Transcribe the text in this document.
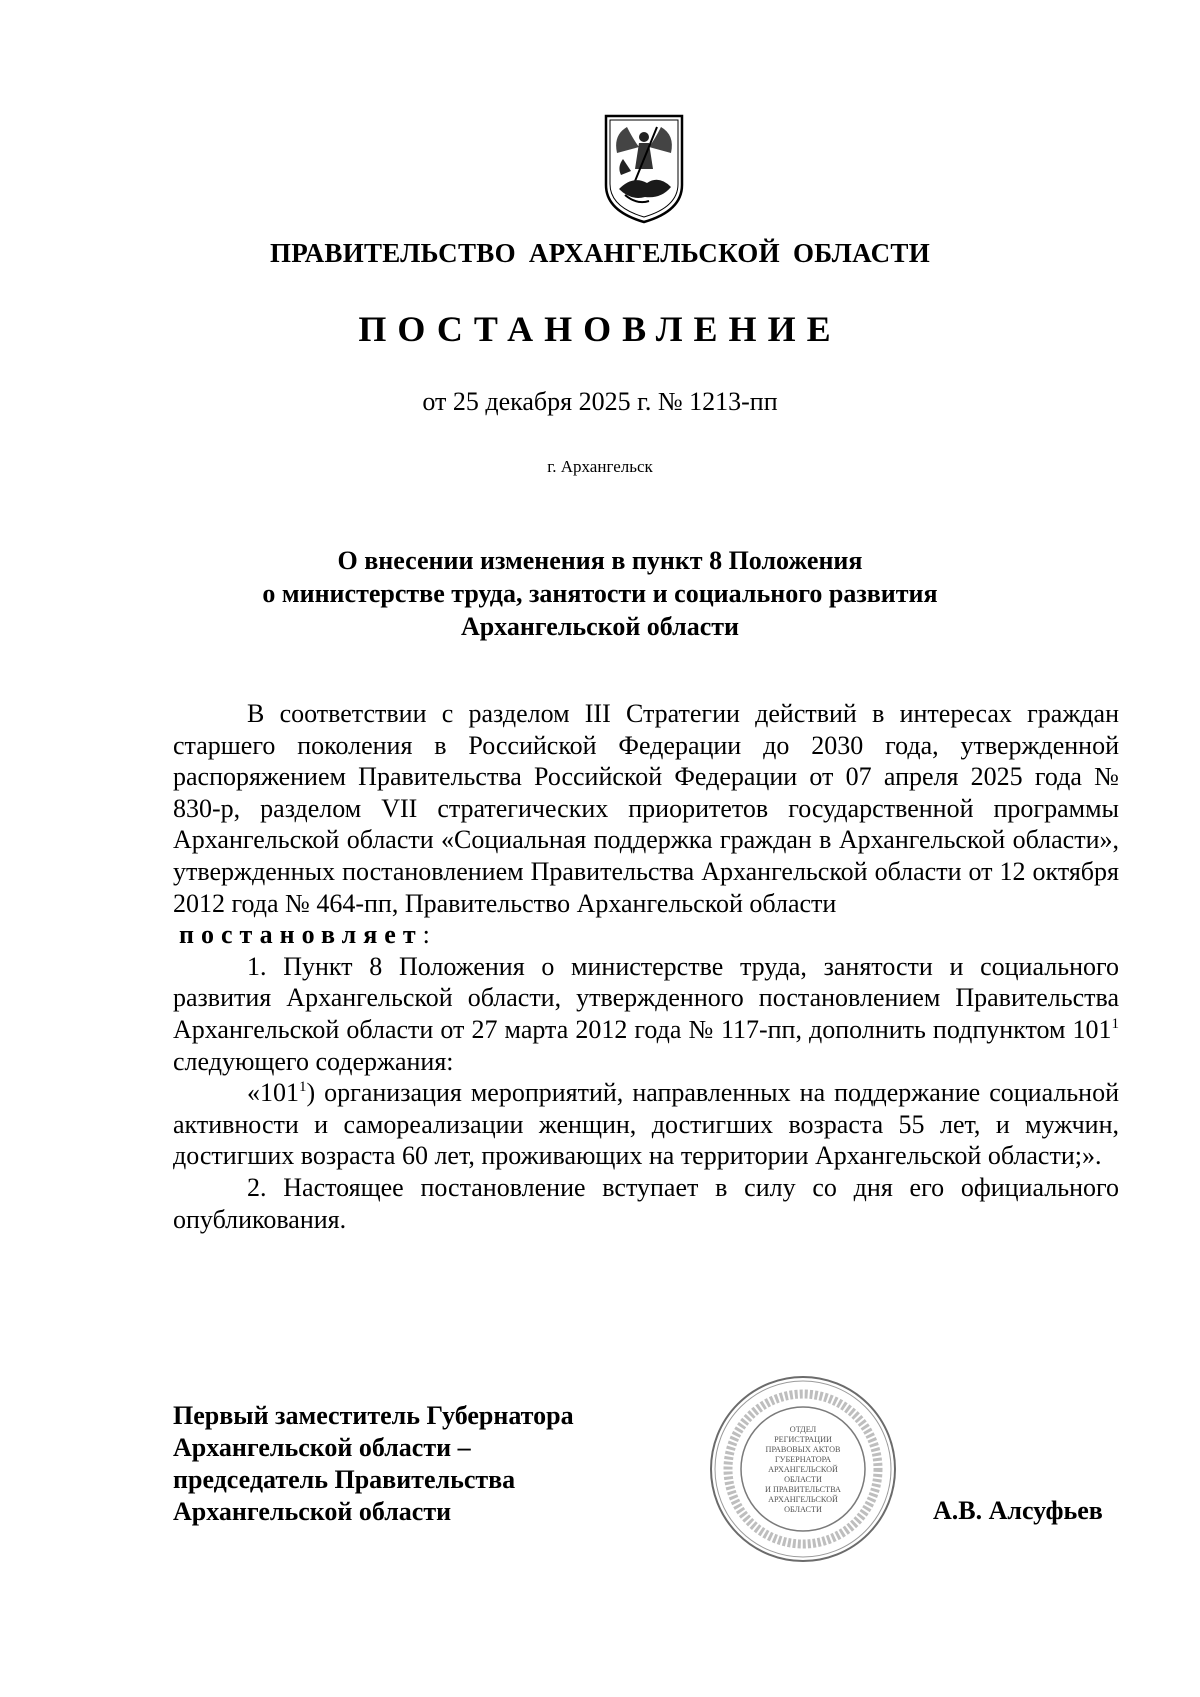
ПРАВИТЕЛЬСТВО АРХАНГЕЛЬСКОЙ ОБЛАСТИ
ПОСТАНОВЛЕНИЕ
от 25 декабря 2025 г. № 1213-пп
г. Архангельск
О внесении изменения в пункт 8 Положения
о министерстве труда, занятости и социального развития
Архангельской области

В соответствии с разделом III Стратегии действий в интересах граждан старшего поколения в Российской Федерации до 2030 года, утвержденной распоряжением Правительства Российской Федерации от 07 апреля 2025 года № 830-р, разделом VII стратегических приоритетов государственной программы Архангельской области «Социальная поддержка граждан в Архангельской области», утвержденных постановлением Правительства Архангельской области от 12 октября 2012 года № 464-пп, Правительство Архангельской области

постановляет:

1. Пункт 8 Положения о министерстве труда, занятости и социального развития Архангельской области, утвержденного постановлением Правительства Архангельской области от 27 марта 2012 года № 117-пп, дополнить подпунктом $101^1$ следующего содержания:

«$101^1$) организация мероприятий, направленных на поддержание социальной активности и самореализации женщин, достигших возраста 55 лет, и мужчин, достигших возраста 60 лет, проживающих на территории Архангельской области;».

2. Настоящее постановление вступает в силу со дня его официального опубликования.

Первый заместитель Губернатора
Архангельской области –
председатель Правительства
Архангельской области
ОТДЕЛ
РЕГИСТРАЦИИ
ПРАВОВЫХ АКТОВ
ГУБЕРНАТОРА
АРХАНГЕЛЬСКОЙ
ОБЛАСТИ
И ПРАВИТЕЛЬСТВА
АРХАНГЕЛЬСКОЙ
ОБЛАСТИ	А.В. Алсуфьев
